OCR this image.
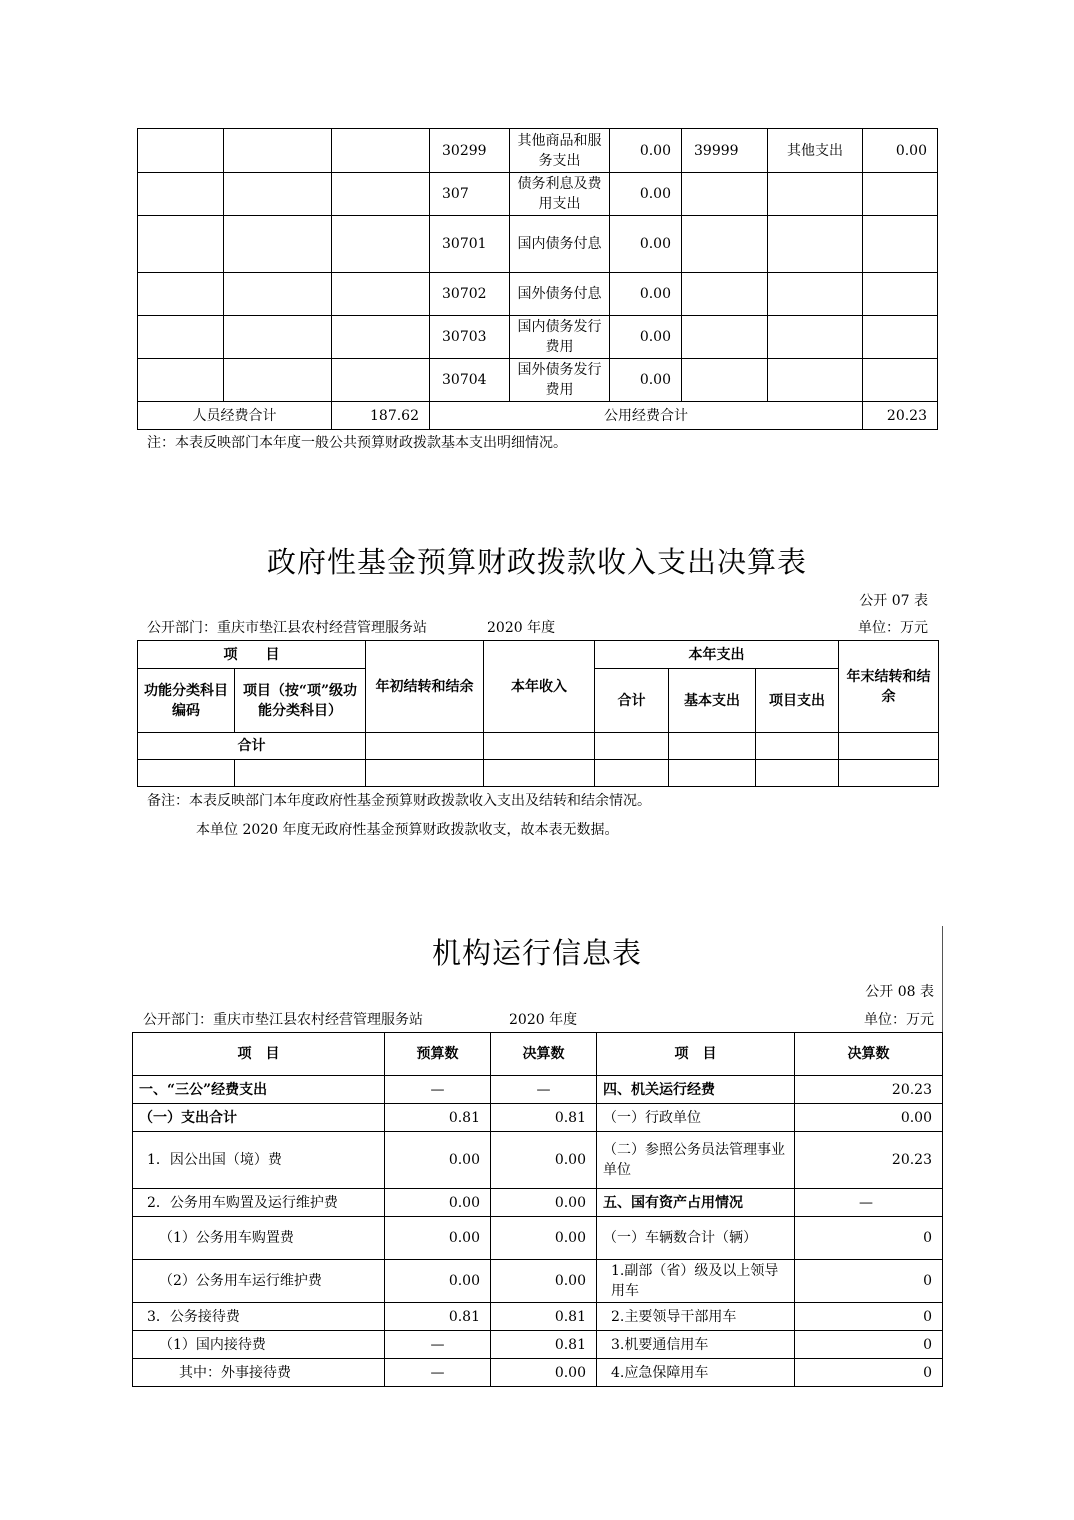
			30299	其他商品和服务支出	0.00	39999	其他支出	0.00
			307	债务利息及费用支出	0.00			
			30701	国内债务付息	0.00			
			30702	国外债务付息	0.00			
			30703	国内债务发行费用	0.00			
			30704	国外债务发行费用	0.00			
人员经费合计		187.62	公用经费合计					20.23
注：本表反映部门本年度一般公共预算财政拨款基本支出明细情况。
政府性基金预算财政拨款收入支出决算表
公开 07 表
公开部门：重庆市垫江县农村经营管理服务站	2020 年度	单位：万元
项　　目		年初结转和结余	本年收入	本年支出			年末结转和结余
功能分类科目编码	项目（按“项”级功能分类科目）			合计	基本支出	项目支出	
合计							

备注：本表反映部门本年度政府性基金预算财政拨款收入支出及结转和结余情况。
本单位 2020 年度无政府性基金预算财政拨款收支，故本表无数据。
机构运行信息表
公开 08 表
公开部门：重庆市垫江县农村经营管理服务站	2020 年度	单位：万元
项　目	预算数	决算数	项　目	决算数
一、“三公”经费支出	—	—	四、机关运行经费	20.23
（一）支出合计	0.81	0.81	（一）行政单位	0.00
1．因公出国（境）费	0.00	0.00	（二）参照公务员法管理事业单位	20.23
2．公务用车购置及运行维护费	0.00	0.00	五、国有资产占用情况	—
（1）公务用车购置费	0.00	0.00	（一）车辆数合计（辆）	0
（2）公务用车运行维护费	0.00	0.00	1.副部（省）级及以上领导用车	0
3．公务接待费	0.81	0.81	2.主要领导干部用车	0
（1）国内接待费	—	0.81	3.机要通信用车	0
其中：外事接待费	—	0.00	4.应急保障用车	0
